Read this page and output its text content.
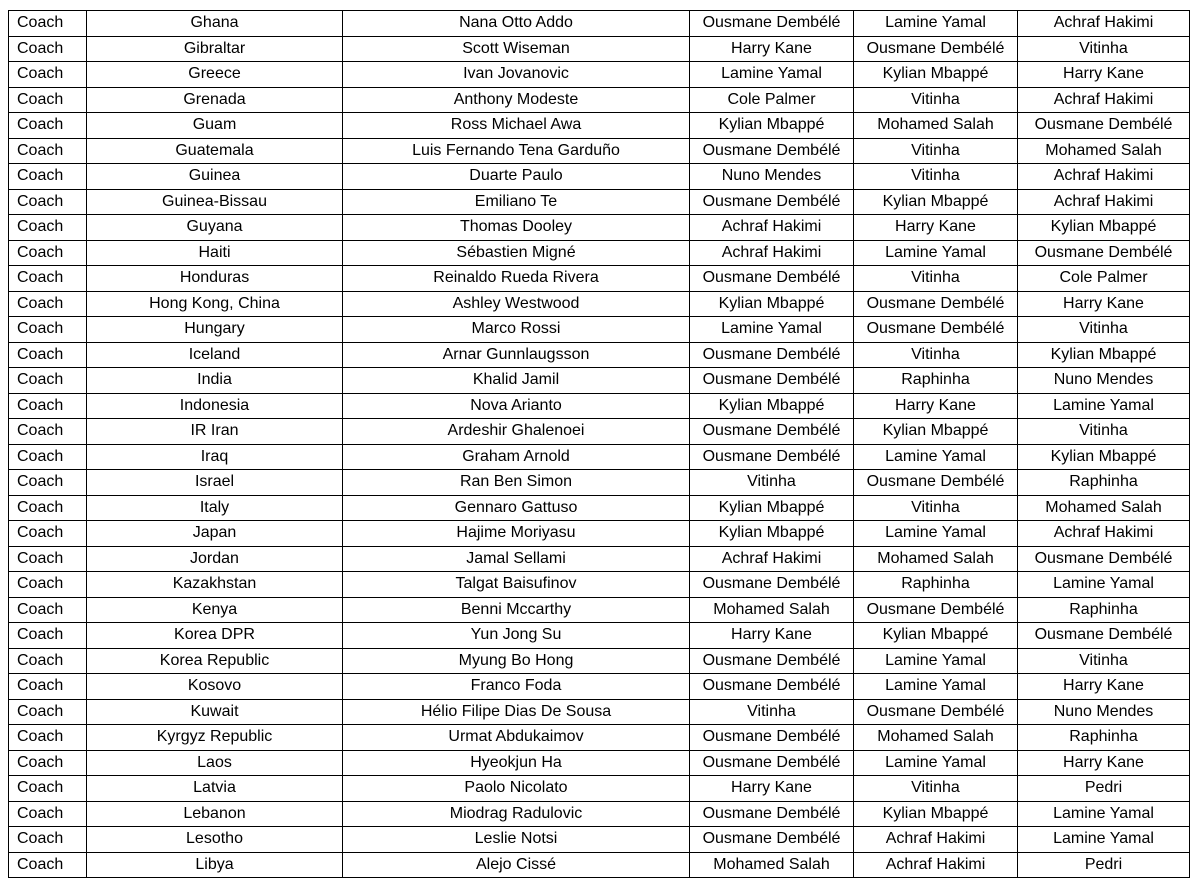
Coach	Ghana	Nana Otto Addo	Ousmane Dembélé	Lamine Yamal	Achraf Hakimi
Coach	Gibraltar	Scott Wiseman	Harry Kane	Ousmane Dembélé	Vitinha
Coach	Greece	Ivan Jovanovic	Lamine Yamal	Kylian Mbappé	Harry Kane
Coach	Grenada	Anthony Modeste	Cole Palmer	Vitinha	Achraf Hakimi
Coach	Guam	Ross Michael Awa	Kylian Mbappé	Mohamed Salah	Ousmane Dembélé
Coach	Guatemala	Luis Fernando Tena Garduño	Ousmane Dembélé	Vitinha	Mohamed Salah
Coach	Guinea	Duarte Paulo	Nuno Mendes	Vitinha	Achraf Hakimi
Coach	Guinea-Bissau	Emiliano Te	Ousmane Dembélé	Kylian Mbappé	Achraf Hakimi
Coach	Guyana	Thomas Dooley	Achraf Hakimi	Harry Kane	Kylian Mbappé
Coach	Haiti	Sébastien Migné	Achraf Hakimi	Lamine Yamal	Ousmane Dembélé
Coach	Honduras	Reinaldo Rueda Rivera	Ousmane Dembélé	Vitinha	Cole Palmer
Coach	Hong Kong, China	Ashley Westwood	Kylian Mbappé	Ousmane Dembélé	Harry Kane
Coach	Hungary	Marco Rossi	Lamine Yamal	Ousmane Dembélé	Vitinha
Coach	Iceland	Arnar Gunnlaugsson	Ousmane Dembélé	Vitinha	Kylian Mbappé
Coach	India	Khalid Jamil	Ousmane Dembélé	Raphinha	Nuno Mendes
Coach	Indonesia	Nova Arianto	Kylian Mbappé	Harry Kane	Lamine Yamal
Coach	IR Iran	Ardeshir Ghalenoei	Ousmane Dembélé	Kylian Mbappé	Vitinha
Coach	Iraq	Graham Arnold	Ousmane Dembélé	Lamine Yamal	Kylian Mbappé
Coach	Israel	Ran Ben Simon	Vitinha	Ousmane Dembélé	Raphinha
Coach	Italy	Gennaro Gattuso	Kylian Mbappé	Vitinha	Mohamed Salah
Coach	Japan	Hajime Moriyasu	Kylian Mbappé	Lamine Yamal	Achraf Hakimi
Coach	Jordan	Jamal Sellami	Achraf Hakimi	Mohamed Salah	Ousmane Dembélé
Coach	Kazakhstan	Talgat Baisufinov	Ousmane Dembélé	Raphinha	Lamine Yamal
Coach	Kenya	Benni Mccarthy	Mohamed Salah	Ousmane Dembélé	Raphinha
Coach	Korea DPR	Yun Jong Su	Harry Kane	Kylian Mbappé	Ousmane Dembélé
Coach	Korea Republic	Myung Bo Hong	Ousmane Dembélé	Lamine Yamal	Vitinha
Coach	Kosovo	Franco Foda	Ousmane Dembélé	Lamine Yamal	Harry Kane
Coach	Kuwait	Hélio Filipe Dias De Sousa	Vitinha	Ousmane Dembélé	Nuno Mendes
Coach	Kyrgyz Republic	Urmat Abdukaimov	Ousmane Dembélé	Mohamed Salah	Raphinha
Coach	Laos	Hyeokjun Ha	Ousmane Dembélé	Lamine Yamal	Harry Kane
Coach	Latvia	Paolo Nicolato	Harry Kane	Vitinha	Pedri
Coach	Lebanon	Miodrag Radulovic	Ousmane Dembélé	Kylian Mbappé	Lamine Yamal
Coach	Lesotho	Leslie Notsi	Ousmane Dembélé	Achraf Hakimi	Lamine Yamal
Coach	Libya	Alejo Cissé	Mohamed Salah	Achraf Hakimi	Pedri
